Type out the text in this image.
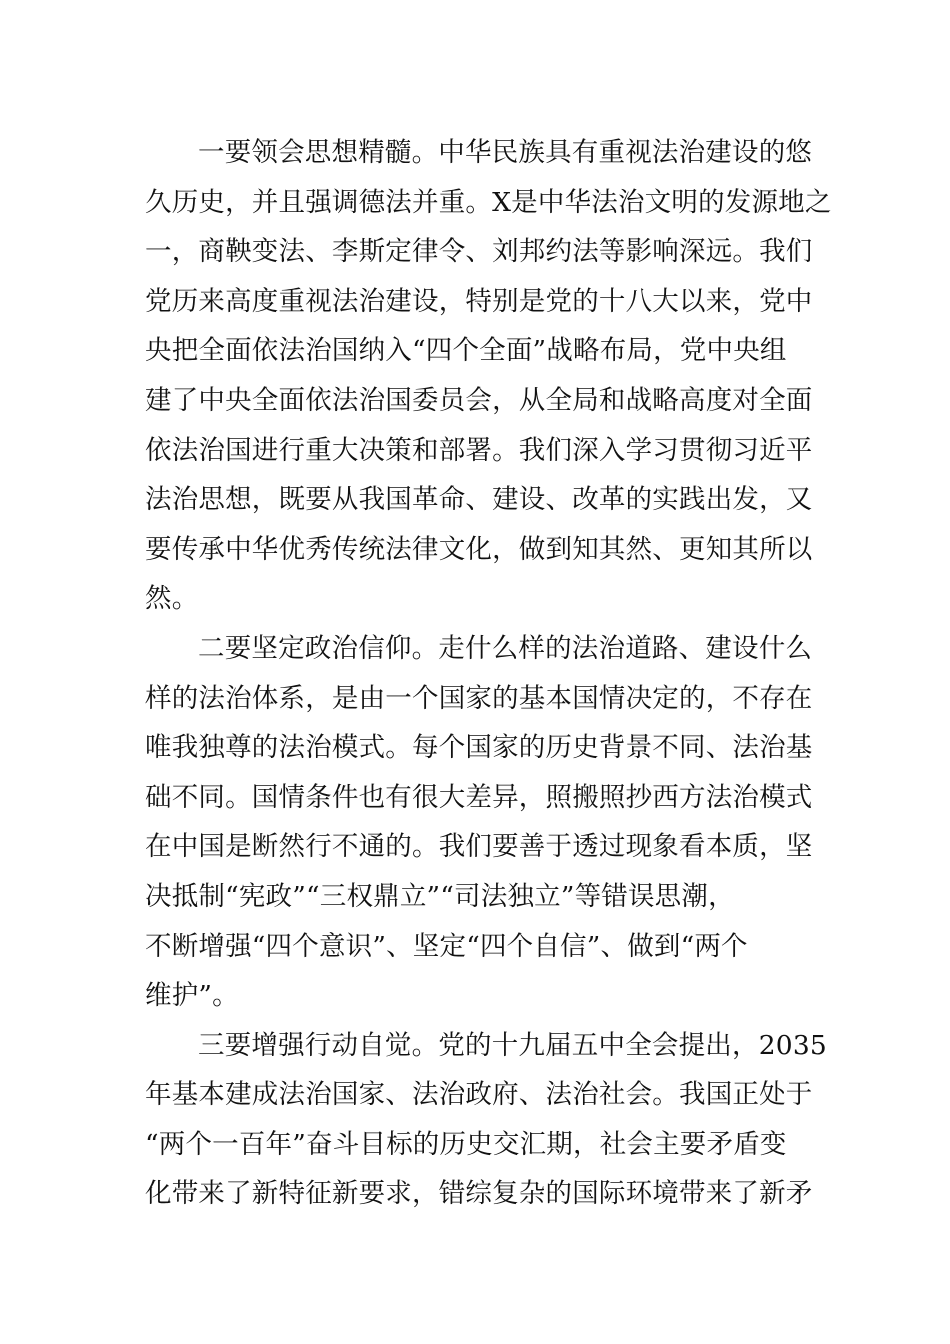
一要领会思想精髓。中华民族具有重视法治建设的悠
久历史，并且强调德法并重。X是中华法治文明的发源地之
一，商鞅变法、李斯定律令、刘邦约法等影响深远。我们
党历来高度重视法治建设，特别是党的十八大以来，党中
央把全面依法治国纳入“四个全面”战略布局，党中央组
建了中央全面依法治国委员会，从全局和战略高度对全面
依法治国进行重大决策和部署。我们深入学习贯彻习近平
法治思想，既要从我国革命、建设、改革的实践出发，又
要传承中华优秀传统法律文化，做到知其然、更知其所以
然。

二要坚定政治信仰。走什么样的法治道路、建设什么
样的法治体系，是由一个国家的基本国情决定的，不存在
唯我独尊的法治模式。每个国家的历史背景不同、法治基
础不同。国情条件也有很大差异，照搬照抄西方法治模式
在中国是断然行不通的。我们要善于透过现象看本质，坚
决抵制“宪政”“三权鼎立”“司法独立”等错误思潮，
不断增强“四个意识”、坚定“四个自信”、做到“两个
维护”。

三要增强行动自觉。党的十九届五中全会提出，2035
年基本建成法治国家、法治政府、法治社会。我国正处于
“两个一百年”奋斗目标的历史交汇期，社会主要矛盾变
化带来了新特征新要求，错综复杂的国际环境带来了新矛
